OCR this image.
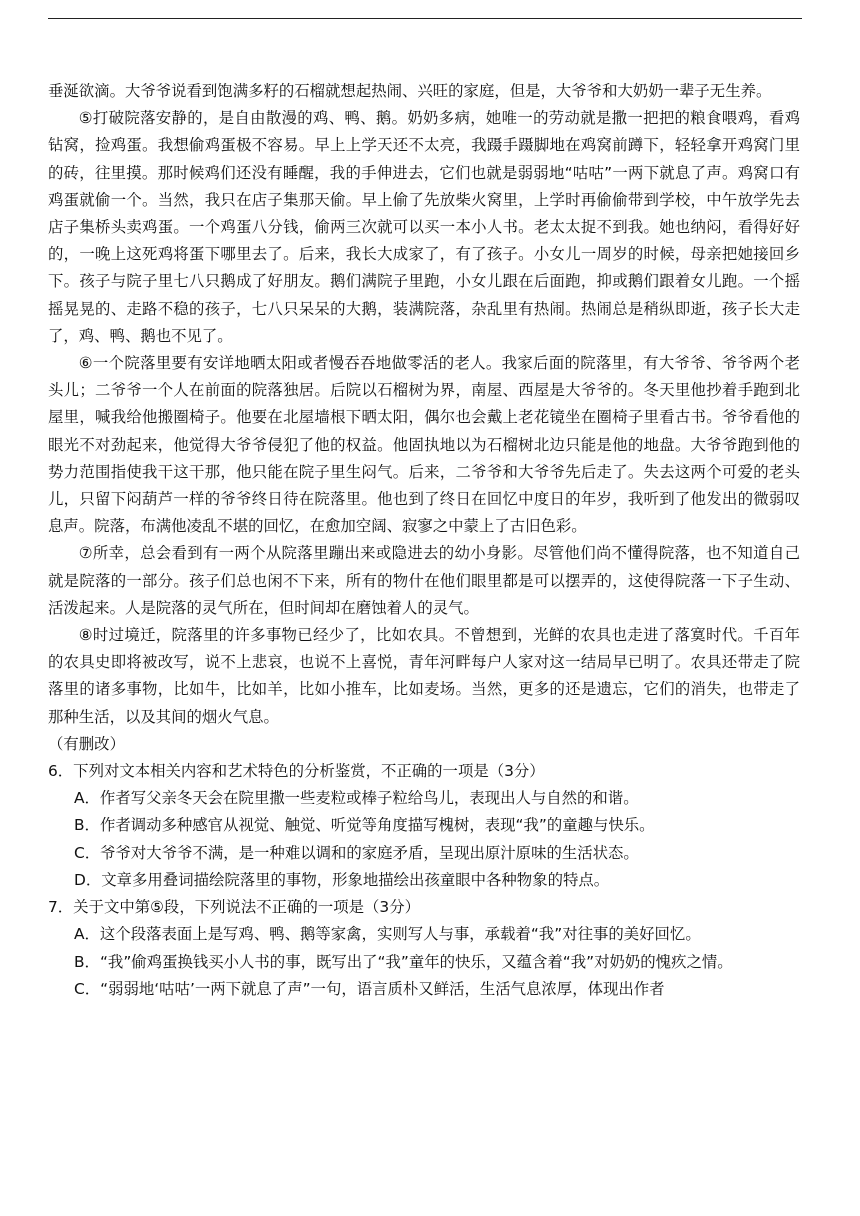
垂涎欲滴。大爷爷说看到饱满多籽的石榴就想起热闹、兴旺的家庭，但是，大爷爷和大奶奶一辈子无生养。

⑤打破院落安静的，是自由散漫的鸡、鸭、鹅。奶奶多病，她唯一的劳动就是撒一把把的粮食喂鸡，看鸡钻窝，捡鸡蛋。我想偷鸡蛋极不容易。早上上学天还不太亮，我蹑手蹑脚地在鸡窝前蹲下，轻轻拿开鸡窝门里的砖，往里摸。那时候鸡们还没有睡醒，我的手伸进去，它们也就是弱弱地“咕咕”一两下就息了声。鸡窝口有鸡蛋就偷一个。当然，我只在店子集那天偷。早上偷了先放柴火窝里，上学时再偷偷带到学校，中午放学先去店子集桥头卖鸡蛋。一个鸡蛋八分钱，偷两三次就可以买一本小人书。老太太捉不到我。她也纳闷，看得好好的，一晚上这死鸡将蛋下哪里去了。后来，我长大成家了，有了孩子。小女儿一周岁的时候，母亲把她接回乡下。孩子与院子里七八只鹅成了好朋友。鹅们满院子里跑，小女儿跟在后面跑，抑或鹅们跟着女儿跑。一个摇摇晃晃的、走路不稳的孩子，七八只呆呆的大鹅，装满院落，杂乱里有热闹。热闹总是稍纵即逝，孩子长大走了，鸡、鸭、鹅也不见了。

⑥一个院落里要有安详地晒太阳或者慢吞吞地做零活的老人。我家后面的院落里，有大爷爷、爷爷两个老头儿；二爷爷一个人在前面的院落独居。后院以石榴树为界，南屋、西屋是大爷爷的。冬天里他抄着手跑到北屋里，喊我给他搬圈椅子。他要在北屋墙根下晒太阳，偶尔也会戴上老花镜坐在圈椅子里看古书。爷爷看他的眼光不对劲起来，他觉得大爷爷侵犯了他的权益。他固执地以为石榴树北边只能是他的地盘。大爷爷跑到他的势力范围指使我干这干那，他只能在院子里生闷气。后来，二爷爷和大爷爷先后走了。失去这两个可爱的老头儿，只留下闷葫芦一样的爷爷终日待在院落里。他也到了终日在回忆中度日的年岁，我听到了他发出的微弱叹息声。院落，布满他凌乱不堪的回忆，在愈加空阔、寂寥之中蒙上了古旧色彩。

⑦所幸，总会看到有一两个从院落里蹦出来或隐进去的幼小身影。尽管他们尚不懂得院落，也不知道自己就是院落的一部分。孩子们总也闲不下来，所有的物什在他们眼里都是可以摆弄的，这使得院落一下子生动、活泼起来。人是院落的灵气所在，但时间却在磨蚀着人的灵气。

⑧时过境迁，院落里的许多事物已经少了，比如农具。不曾想到，光鲜的农具也走进了落寞时代。千百年的农具史即将被改写，说不上悲哀，也说不上喜悦，青年河畔每户人家对这一结局早已明了。农具还带走了院落里的诸多事物，比如牛，比如羊，比如小推车，比如麦场。当然，更多的还是遗忘，它们的消失，也带走了那种生活，以及其间的烟火气息。

（有删改）

6．下列对文本相关内容和艺术特色的分析鉴赏，不正确的一项是（3分）

A．作者写父亲冬天会在院里撒一些麦粒或棒子粒给鸟儿，表现出人与自然的和谐。

B．作者调动多种感官从视觉、触觉、听觉等角度描写槐树，表现“我”的童趣与快乐。

C．爷爷对大爷爷不满，是一种难以调和的家庭矛盾，呈现出原汁原味的生活状态。

D．文章多用叠词描绘院落里的事物，形象地描绘出孩童眼中各种物象的特点。

7．关于文中第⑤段，下列说法不正确的一项是（3分）

A．这个段落表面上是写鸡、鸭、鹅等家禽，实则写人与事，承载着“我”对往事的美好回忆。

B．“我”偷鸡蛋换钱买小人书的事，既写出了“我”童年的快乐，又蕴含着“我”对奶奶的愧疚之情。

C．“弱弱地‘咕咕’一两下就息了声”一句，语言质朴又鲜活，生活气息浓厚，体现出作者
